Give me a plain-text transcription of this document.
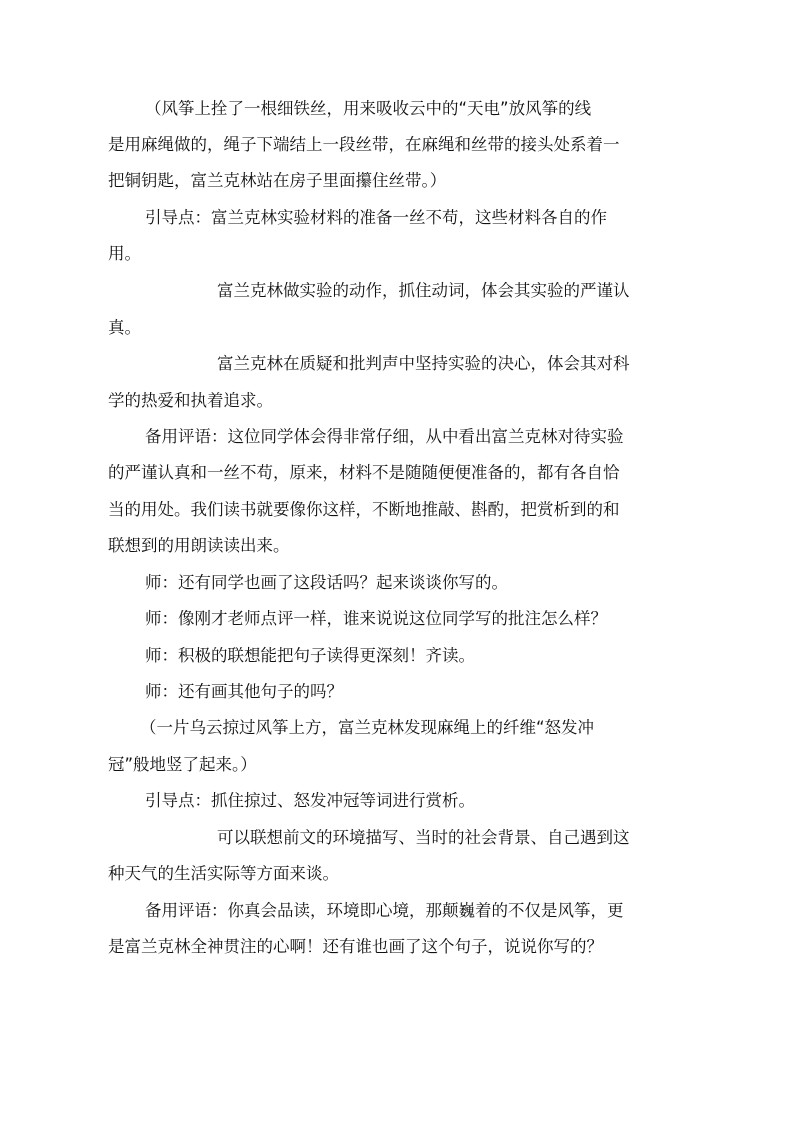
（风筝上拴了一根细铁丝，用来吸收云中的“天电”放风筝的线
是用麻绳做的，绳子下端结上一段丝带，在麻绳和丝带的接头处系着一
把铜钥匙，富兰克林站在房子里面攥住丝带。）
引导点：富兰克林实验材料的准备一丝不苟，这些材料各自的作
用。
富兰克林做实验的动作，抓住动词，体会其实验的严谨认
真。
富兰克林在质疑和批判声中坚持实验的决心，体会其对科
学的热爱和执着追求。
备用评语：这位同学体会得非常仔细，从中看出富兰克林对待实验
的严谨认真和一丝不苟，原来，材料不是随随便便准备的，都有各自恰
当的用处。我们读书就要像你这样，不断地推敲、斟酌，把赏析到的和
联想到的用朗读读出来。
师：还有同学也画了这段话吗？起来谈谈你写的。
师：像刚才老师点评一样，谁来说说这位同学写的批注怎么样？
师：积极的联想能把句子读得更深刻！齐读。
师：还有画其他句子的吗？
（一片乌云掠过风筝上方，富兰克林发现麻绳上的纤维“怒发冲
冠”般地竖了起来。）
引导点：抓住掠过、怒发冲冠等词进行赏析。
可以联想前文的环境描写、当时的社会背景、自己遇到这
种天气的生活实际等方面来谈。
备用评语：你真会品读，环境即心境，那颠巍着的不仅是风筝，更
是富兰克林全神贯注的心啊！还有谁也画了这个句子，说说你写的？
